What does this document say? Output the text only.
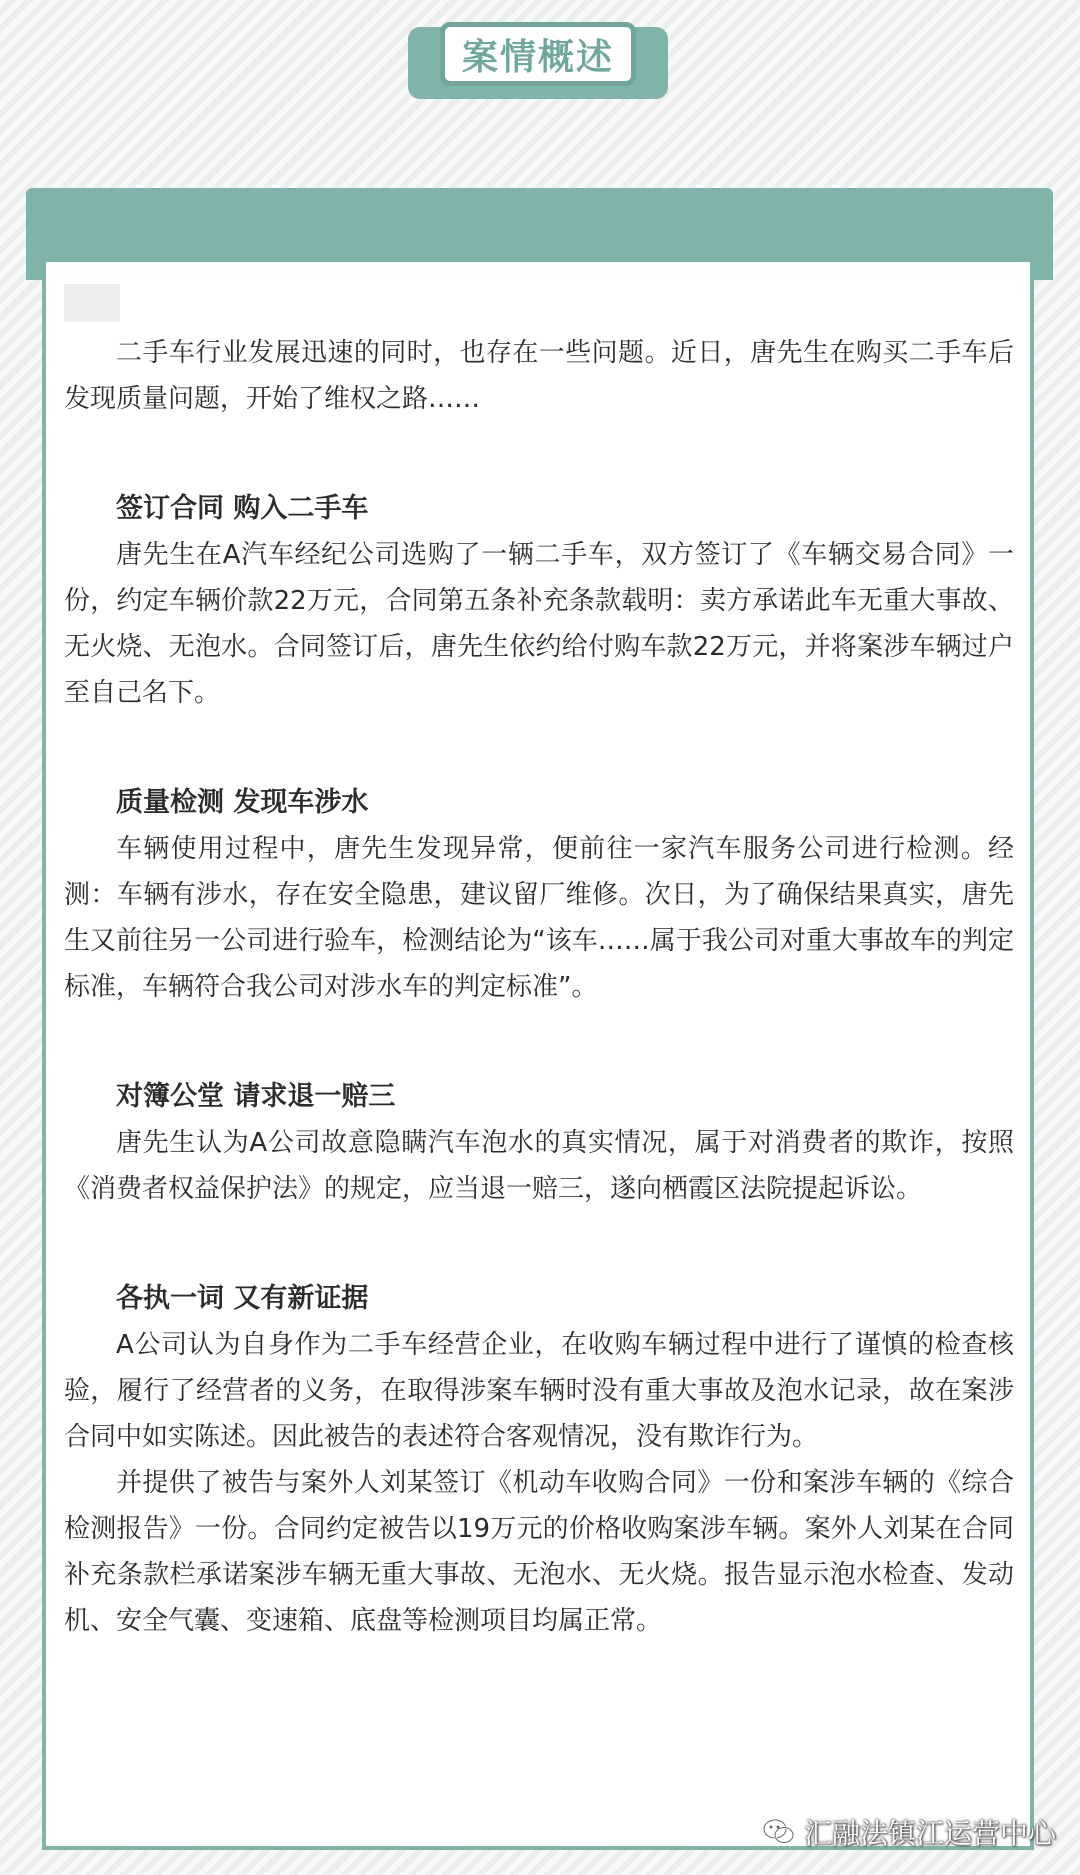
案情概述

二手车行业发展迅速的同时，也存在一些问题。近日，唐先生在购买二手车后发现质量问题，开始了维权之路……

签订合同 购入二手车

唐先生在A汽车经纪公司选购了一辆二手车，双方签订了《车辆交易合同》一份，约定车辆价款22万元，合同第五条补充条款载明：卖方承诺此车无重大事故、无火烧、无泡水。合同签订后，唐先生依约给付购车款22万元，并将案涉车辆过户至自己名下。

质量检测 发现车涉水

车辆使用过程中，唐先生发现异常，便前往一家汽车服务公司进行检测。经测：车辆有涉水，存在安全隐患，建议留厂维修。次日，为了确保结果真实，唐先生又前往另一公司进行验车，检测结论为“该车……属于我公司对重大事故车的判定标准，车辆符合我公司对涉水车的判定标准”。

对簿公堂 请求退一赔三

唐先生认为A公司故意隐瞒汽车泡水的真实情况，属于对消费者的欺诈，按照《消费者权益保护法》的规定，应当退一赔三，遂向栖霞区法院提起诉讼。

各执一词 又有新证据

A公司认为自身作为二手车经营企业，在收购车辆过程中进行了谨慎的检查核验，履行了经营者的义务，在取得涉案车辆时没有重大事故及泡水记录，故在案涉合同中如实陈述。因此被告的表述符合客观情况，没有欺诈行为。

并提供了被告与案外人刘某签订《机动车收购合同》一份和案涉车辆的《综合检测报告》一份。合同约定被告以19万元的价格收购案涉车辆。案外人刘某在合同补充条款栏承诺案涉车辆无重大事故、无泡水、无火烧。报告显示泡水检查、发动机、安全气囊、变速箱、底盘等检测项目均属正常。

汇融法镇江运营中心
